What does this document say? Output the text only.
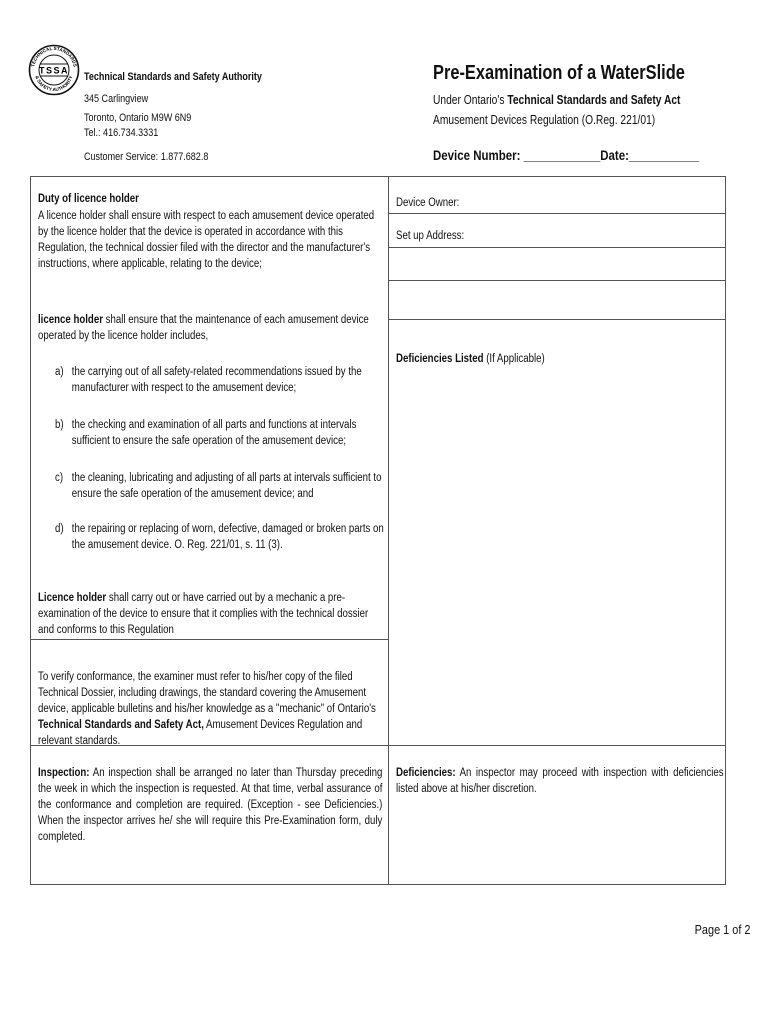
TSSA
TECHNICAL STANDARDS
& SAFETY AUTHORITY Technical Standards and Safety Authority
345 Carlingview
Toronto, Ontario M9W 6N9
Tel.: 416.734.3331
Customer Service: 1.877.682.8
Pre-Examination of a WaterSlide
Under Ontario's Technical Standards and Safety Act
Amusement Devices Regulation (O.Reg. 221/01)
Device Number: ____________Date:___________
Duty of licence holder
A licence holder shall ensure with respect to each amusement device operated by the licence holder that the device is operated in accordance with this Regulation, the technical dossier filed with the director and the manufacturer's instructions, where applicable, relating to the device;
licence holder shall ensure that the maintenance of each amusement device operated by the licence holder includes,
a) the carrying out of all safety-related recommendations issued by the manufacturer with respect to the amusement device;
b) the checking and examination of all parts and functions at intervals sufficient to ensure the safe operation of the amusement device;
c) the cleaning, lubricating and adjusting of all parts at intervals sufficient to ensure the safe operation of the amusement device; and
d) the repairing or replacing of worn, defective, damaged or broken parts on the amusement device. O. Reg. 221/01, s. 11 (3).
Licence holder shall carry out or have carried out by a mechanic a pre- examination of the device to ensure that it complies with the technical dossier and conforms to this Regulation
To verify conformance, the examiner must refer to his/her copy of the filed Technical Dossier, including drawings, the standard covering the Amusement device, applicable bulletins and his/her knowledge as a "mechanic" of Ontario's Technical Standards and Safety Act, Amusement Devices Regulation and relevant standards.
Inspection: An inspection shall be arranged no later than Thursday preceding the week in which the inspection is requested. At that time, verbal assurance of the conformance and completion are required. (Exception - see Deficiencies.) When the inspector arrives he/ she will require this Pre-Examination form, duly completed.
Device Owner:
Set up Address:
Deficiencies Listed (If Applicable)
Deficiencies: An inspector may proceed with inspection with deficiencies listed above at his/her discretion.
Page 1 of 2
